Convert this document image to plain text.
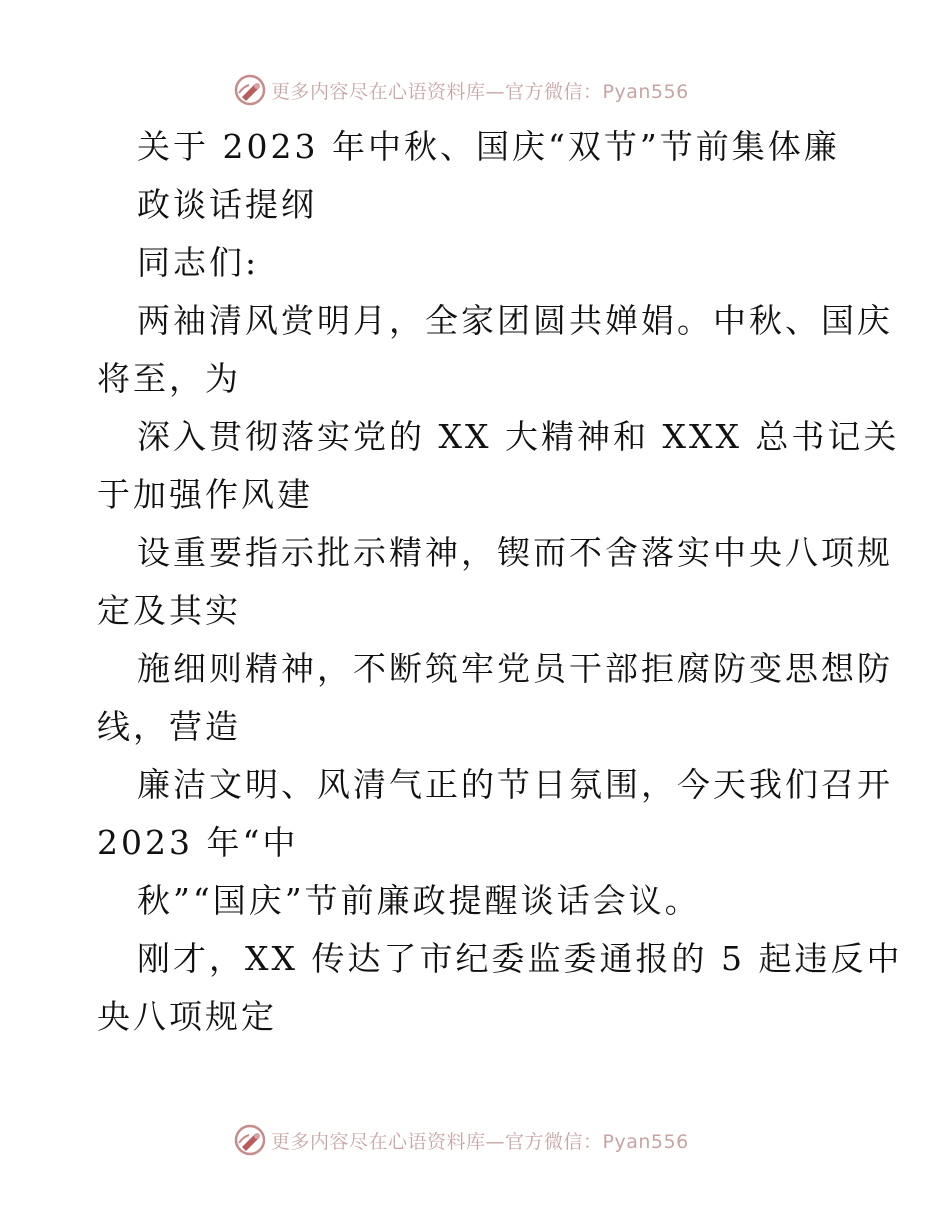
更多内容尽在心语资料库—官方微信：Pyan556
关于 2023 年中秋、国庆“双节”节前集体廉
政谈话提纲
同志们:
两袖清风赏明月，全家团圆共婵娟。中秋、国庆
将至，为
深入贯彻落实党的 XX 大精神和 XXX 总书记关
于加强作风建
设重要指示批示精神，锲而不舍落实中央八项规
定及其实
施细则精神，不断筑牢党员干部拒腐防变思想防
线，营造
廉洁文明、风清气正的节日氛围，今天我们召开
2023 年“中
秋”“国庆”节前廉政提醒谈话会议。
刚才，XX 传达了市纪委监委通报的 5 起违反中
央八项规定
更多内容尽在心语资料库—官方微信：Pyan556
